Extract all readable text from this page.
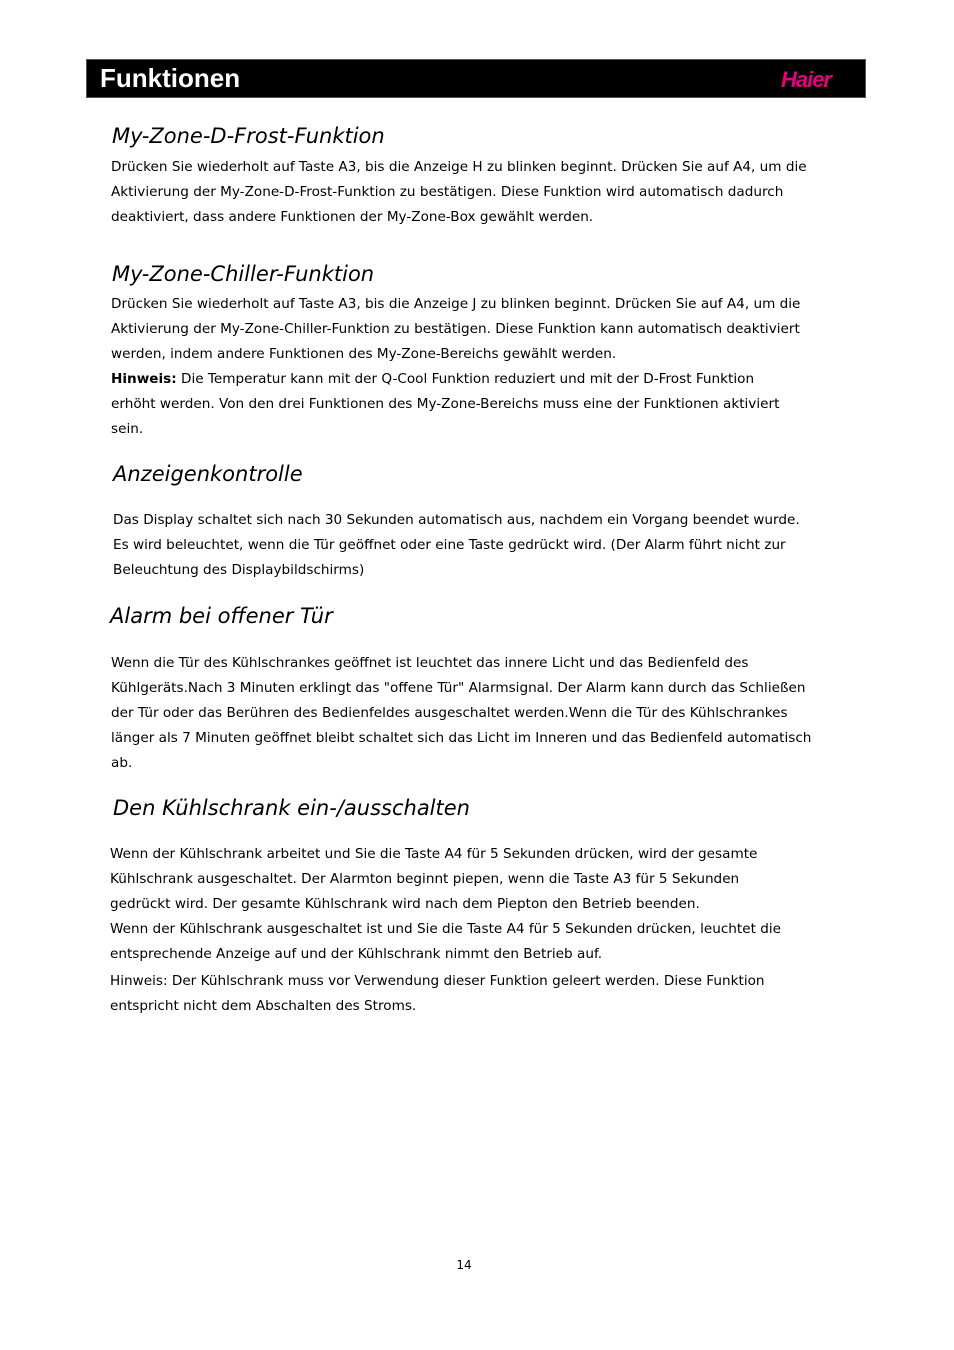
Funktionen	Haier
My-Zone-D-Frost-Funktion
Drücken Sie wiederholt auf Taste A3, bis die Anzeige H zu blinken beginnt. Drücken Sie auf A4, um die
Aktivierung der My-Zone-D-Frost-Funktion zu bestätigen. Diese Funktion wird automatisch dadurch
deaktiviert, dass andere Funktionen der My-Zone-Box gewählt werden.
My-Zone-Chiller-Funktion
Drücken Sie wiederholt auf Taste A3, bis die Anzeige J zu blinken beginnt. Drücken Sie auf A4, um die
Aktivierung der My-Zone-Chiller-Funktion zu bestätigen. Diese Funktion kann automatisch deaktiviert
werden, indem andere Funktionen des My-Zone-Bereichs gewählt werden.
Hinweis: Die Temperatur kann mit der Q-Cool Funktion reduziert und mit der D-Frost Funktion
erhöht werden. Von den drei Funktionen des My-Zone-Bereichs muss eine der Funktionen aktiviert
sein.
Anzeigenkontrolle
Das Display schaltet sich nach 30 Sekunden automatisch aus, nachdem ein Vorgang beendet wurde.
Es wird beleuchtet, wenn die Tür geöffnet oder eine Taste gedrückt wird. (Der Alarm führt nicht zur
Beleuchtung des Displaybildschirms)
Alarm bei offener Tür
Wenn die Tür des Kühlschrankes geöffnet ist leuchtet das innere Licht und das Bedienfeld des
Kühlgeräts.Nach 3 Minuten erklingt das "offene Tür" Alarmsignal. Der Alarm kann durch das Schließen
der Tür oder das Berühren des Bedienfeldes ausgeschaltet werden.Wenn die Tür des Kühlschrankes
länger als 7 Minuten geöffnet bleibt schaltet sich das Licht im Inneren und das Bedienfeld automatisch
ab.
Den Kühlschrank ein-/ausschalten
Wenn der Kühlschrank arbeitet und Sie die Taste A4 für 5 Sekunden drücken, wird der gesamte
Kühlschrank ausgeschaltet. Der Alarmton beginnt piepen, wenn die Taste A3 für 5 Sekunden
gedrückt wird. Der gesamte Kühlschrank wird nach dem Piepton den Betrieb beenden.
Wenn der Kühlschrank ausgeschaltet ist und Sie die Taste A4 für 5 Sekunden drücken, leuchtet die
entsprechende Anzeige auf und der Kühlschrank nimmt den Betrieb auf.
Hinweis: Der Kühlschrank muss vor Verwendung dieser Funktion geleert werden. Diese Funktion
entspricht nicht dem Abschalten des Stroms.
14
